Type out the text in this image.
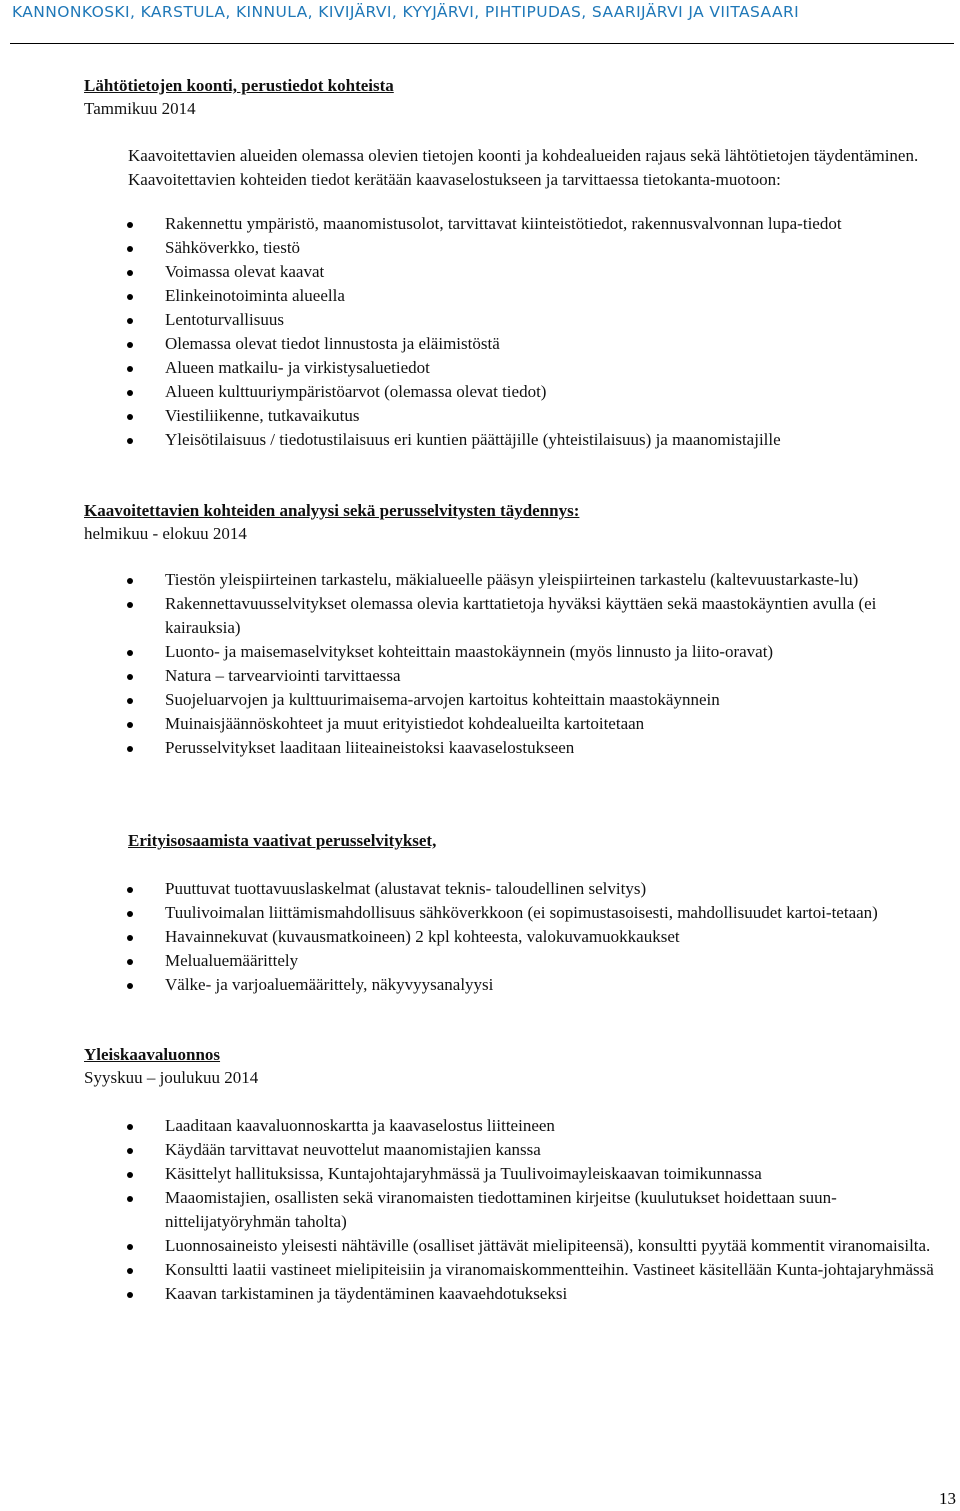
KANNONKOSKI, KARSTULA, KINNULA, KIVIJÄRVI, KYYJÄRVI, PIHTIPUDAS, SAARIJÄRVI JA VIITASAARI
Lähtötietojen koonti, perustiedot kohteista
Tammikuu 2014
Kaavoitettavien alueiden olemassa olevien tietojen koonti ja kohdealueiden rajaus sekä lähtötietojen täydentäminen. Kaavoitettavien kohteiden tiedot kerätään kaavaselostukseen ja tarvittaessa tietokanta-muotoon:
Rakennettu ympäristö, maanomistusolot, tarvittavat kiinteistötiedot, rakennusvalvonnan lupa-tiedot
Sähköverkko, tiestö
Voimassa olevat kaavat
Elinkeinotoiminta alueella
Lentoturvallisuus
Olemassa olevat tiedot linnustosta ja eläimistöstä
Alueen matkailu- ja virkistysaluetiedot
Alueen kulttuuriympäristöarvot (olemassa olevat tiedot)
Viestiliikenne, tutkavaikutus
Yleisötilaisuus / tiedotustilaisuus eri kuntien päättäjille (yhteistilaisuus) ja maanomistajille
Kaavoitettavien kohteiden analyysi sekä perusselvitysten täydennys:
helmikuu - elokuu 2014
Tiestön yleispiirteinen tarkastelu, mäkialueelle pääsyn yleispiirteinen tarkastelu (kaltevuustarkaste-lu)
Rakennettavuusselvitykset olemassa olevia karttatietoja hyväksi käyttäen sekä maastokäyntien avulla (ei kairauksia)
Luonto- ja maisemaselvitykset kohteittain maastokäynnein (myös linnusto ja liito-oravat)
Natura – tarvearviointi tarvittaessa
Suojeluarvojen ja kulttuurimaisema-arvojen kartoitus kohteittain maastokäynnein
Muinaisjäännöskohteet ja muut erityistiedot kohdealueilta kartoitetaan
Perusselvitykset laaditaan liiteaineistoksi kaavaselostukseen
Erityisosaamista vaativat perusselvitykset,
Puuttuvat tuottavuuslaskelmat (alustavat teknis- taloudellinen selvitys)
Tuulivoimalan liittämismahdollisuus sähköverkkoon (ei sopimustasoisesti, mahdollisuudet kartoi-tetaan)
Havainnekuvat (kuvausmatkoineen) 2 kpl kohteesta, valokuvamuokkaukset
Melualuemäärittely
Välke- ja varjoaluemäärittely, näkyvyysanalyysi
Yleiskaavaluonnos
Syyskuu – joulukuu 2014
Laaditaan kaavaluonnoskartta ja kaavaselostus liitteineen
Käydään tarvittavat neuvottelut maanomistajien kanssa
Käsittelyt hallituksissa, Kuntajohtajaryhmässä ja Tuulivoimayleiskaavan toimikunnassa
Maaomistajien, osallisten sekä viranomaisten tiedottaminen kirjeitse (kuulutukset hoidettaan suun-nittelijatyöryhmän taholta)
Luonnosaineisto yleisesti nähtäville (osalliset jättävät mielipiteensä), konsultti pyytää kommentit viranomaisilta.
Konsultti laatii vastineet mielipiteisiin ja viranomaiskommentteihin. Vastineet käsitellään Kunta-johtajaryhmässä
Kaavan tarkistaminen ja täydentäminen kaavaehdotukseksi
13
